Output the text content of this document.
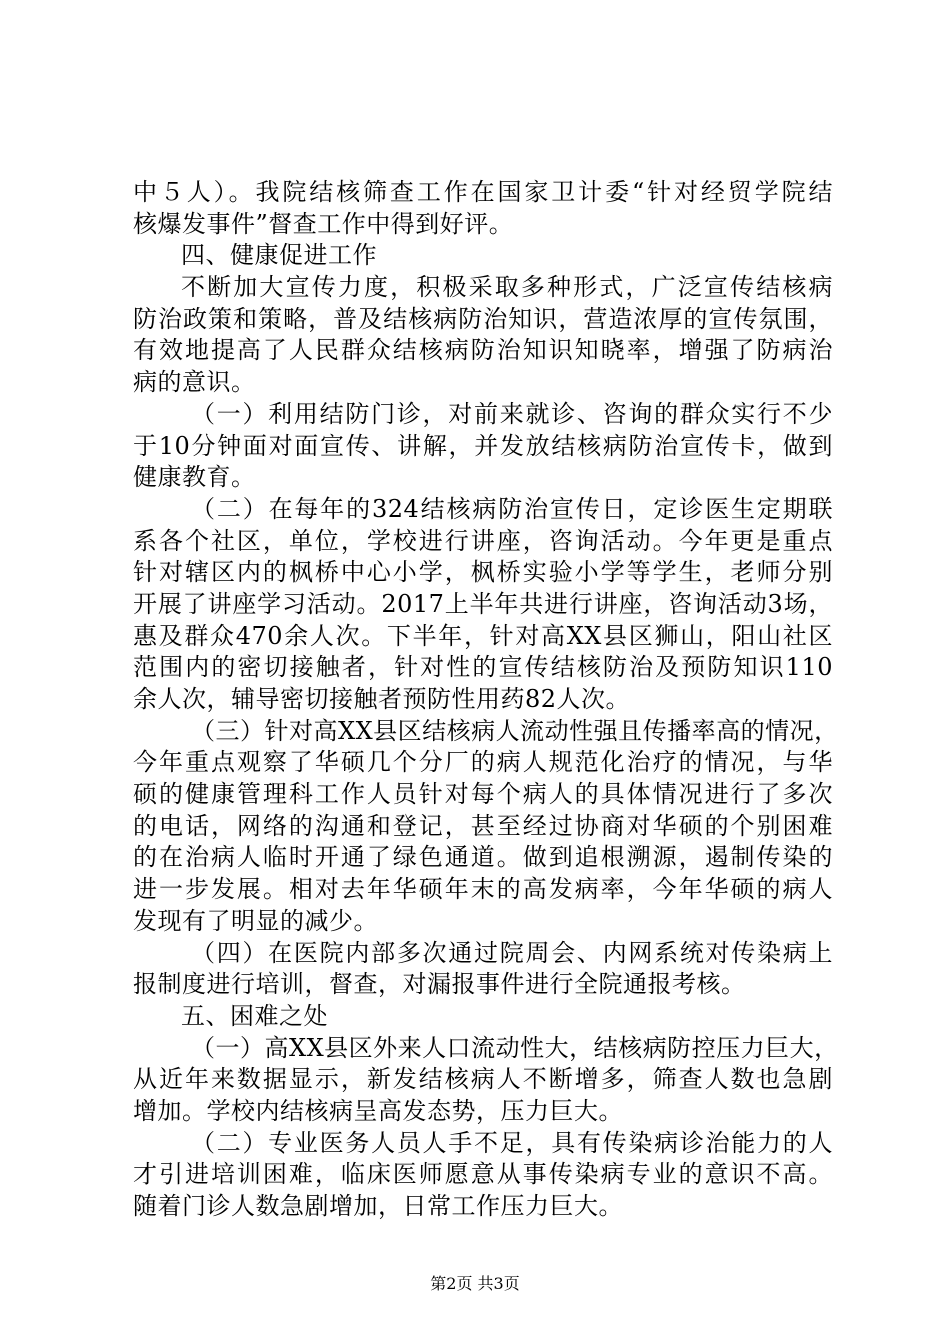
中５人）。我院结核筛查工作在国家卫计委“针对经贸学院结
核爆发事件”督查工作中得到好评。
四、健康促进工作
不断加大宣传力度，积极采取多种形式，广泛宣传结核病
防治政策和策略，普及结核病防治知识，营造浓厚的宣传氛围，
有效地提高了人民群众结核病防治知识知晓率，增强了防病治
病的意识。
（一）利用结防门诊，对前来就诊、咨询的群众实行不少
于10分钟面对面宣传、讲解，并发放结核病防治宣传卡，做到
健康教育。
（二）在每年的324结核病防治宣传日，定诊医生定期联
系各个社区，单位，学校进行讲座，咨询活动。今年更是重点
针对辖区内的枫桥中心小学，枫桥实验小学等学生，老师分别
开展了讲座学习活动。2017上半年共进行讲座，咨询活动3场，
惠及群众470余人次。下半年，针对高XX县区狮山，阳山社区
范围内的密切接触者，针对性的宣传结核防治及预防知识110
余人次，辅导密切接触者预防性用药82人次。
（三）针对高XX县区结核病人流动性强且传播率高的情况，
今年重点观察了华硕几个分厂的病人规范化治疗的情况，与华
硕的健康管理科工作人员针对每个病人的具体情况进行了多次
的电话，网络的沟通和登记，甚至经过协商对华硕的个别困难
的在治病人临时开通了绿色通道。做到追根溯源，遏制传染的
进一步发展。相对去年华硕年末的高发病率，今年华硕的病人
发现有了明显的减少。
（四）在医院内部多次通过院周会、内网系统对传染病上
报制度进行培训，督查，对漏报事件进行全院通报考核。
五、困难之处
（一）高XX县区外来人口流动性大，结核病防控压力巨大，
从近年来数据显示，新发结核病人不断增多，筛查人数也急剧
增加。学校内结核病呈高发态势，压力巨大。
（二）专业医务人员人手不足，具有传染病诊治能力的人
才引进培训困难，临床医师愿意从事传染病专业的意识不高。
随着门诊人数急剧增加，日常工作压力巨大。
第2页 共3页
